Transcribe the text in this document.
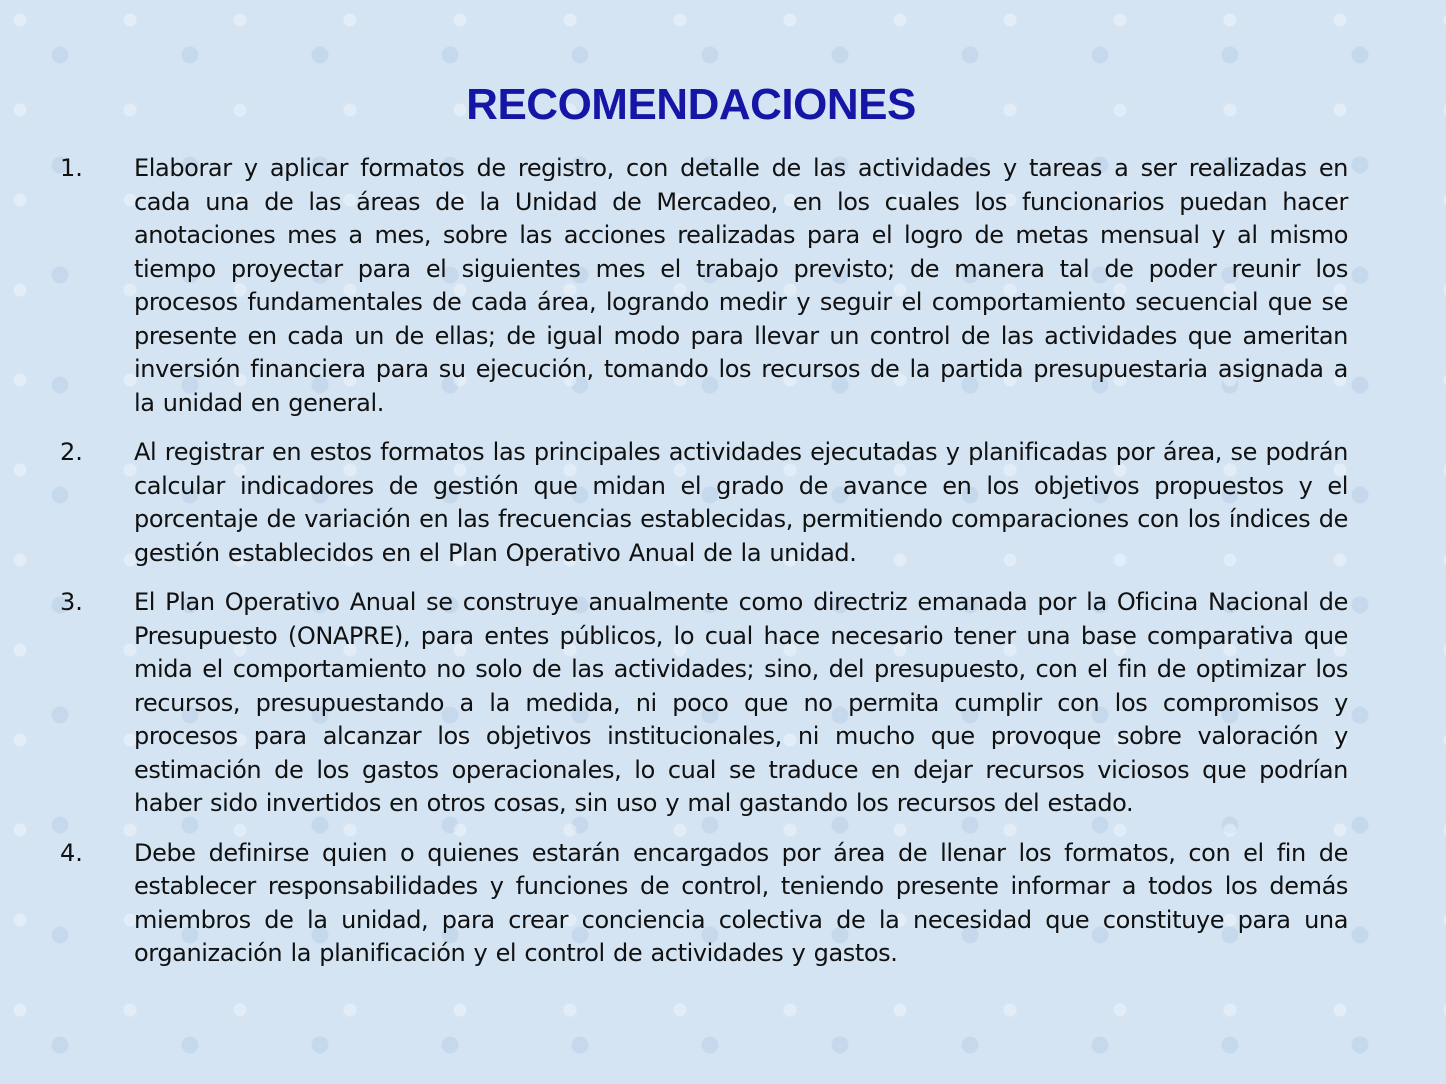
RECOMENDACIONES
1. Elaborar y aplicar formatos de registro, con detalle de las actividades y tareas a ser realizadas en cada una de las áreas de la Unidad de Mercadeo, en los cuales los funcionarios puedan hacer anotaciones mes a mes, sobre las acciones realizadas para el logro de metas mensual y al mismo tiempo proyectar para el siguientes mes el trabajo previsto; de manera tal de poder reunir los procesos fundamentales de cada área, logrando medir y seguir el comportamiento secuencial que se presente en cada un de ellas; de igual modo para llevar un control de las actividades que ameritan inversión financiera para su ejecución, tomando los recursos de la partida presupuestaria asignada a la unidad en general.
2. Al registrar en estos formatos las principales actividades ejecutadas y planificadas por área, se podrán calcular indicadores de gestión que midan el grado de avance en los objetivos propuestos y el porcentaje de variación en las frecuencias establecidas, permitiendo comparaciones con los índices de gestión establecidos en el Plan Operativo Anual de la unidad.
3. El Plan Operativo Anual se construye anualmente como directriz emanada por la Oficina Nacional de Presupuesto (ONAPRE), para entes públicos, lo cual hace necesario tener una base comparativa que mida el comportamiento no solo de las actividades; sino, del presupuesto, con el fin de optimizar los recursos, presupuestando a la medida, ni poco que no permita cumplir con los compromisos y procesos para alcanzar los objetivos institucionales, ni mucho que provoque sobre valoración y estimación de los gastos operacionales, lo cual se traduce en dejar recursos viciosos que podrían haber sido invertidos en otros cosas, sin uso y mal gastando los recursos del estado.
4. Debe definirse quien o quienes estarán encargados por área de llenar los formatos, con el fin de establecer responsabilidades y funciones de control, teniendo presente informar a todos los demás miembros de la unidad, para crear conciencia colectiva de la necesidad que constituye para una organización la planificación y el control de actividades y gastos.
